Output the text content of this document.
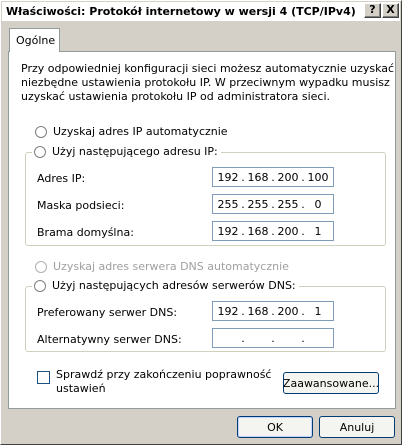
Właściwości: Protokół internetowy w wersji 4 (TCP/IPv4)	? X
Ogólne
Przy odpowiedniej konfiguracji sieci możesz automatycznie uzyskać
niezbędne ustawienia protokołu IP. W przeciwnym wypadku musisz
uzyskać ustawienia protokołu IP od administratora sieci.
Uzyskaj adres IP automatycznie
Użyj następującego adresu IP:
Adres IP:	192 . 168 . 200 . 100
Maska podsieci:	255 . 255 . 255 . 0
Brama domyślna:	192 . 168 . 200 . 1
Uzyskaj adres serwera DNS automatycznie
Użyj następujących adresów serwerów DNS:
Preferowany serwer DNS:	192 . 168 . 200 . 1
Alternatywny serwer DNS:	. . .
Sprawdź przy zakończeniu poprawność
ustawień	Zaawansowane...
OK	Anuluj
